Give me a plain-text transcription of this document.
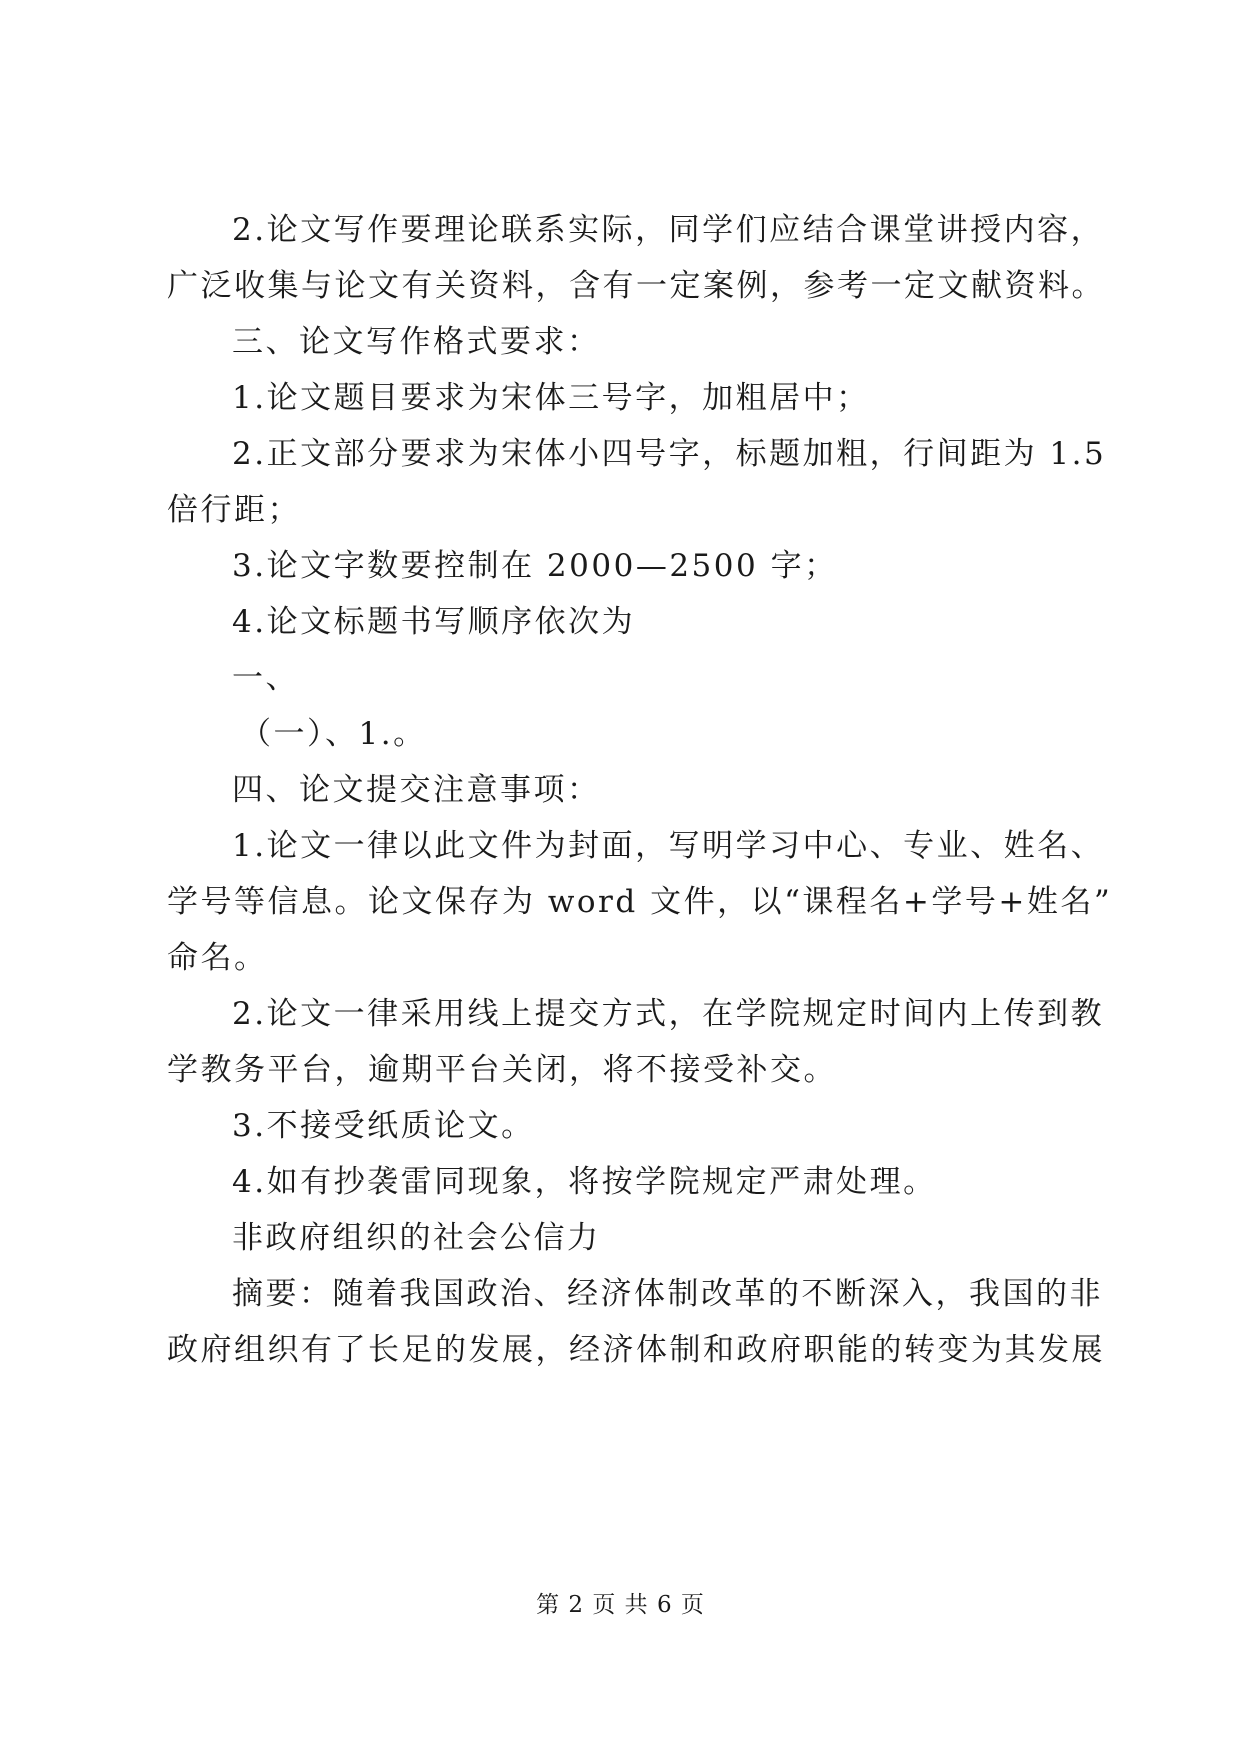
2.论文写作要理论联系实际，同学们应结合课堂讲授内容，
广泛收集与论文有关资料，含有一定案例，参考一定文献资料。
三、论文写作格式要求：
1.论文题目要求为宋体三号字，加粗居中；
2.正文部分要求为宋体小四号字，标题加粗，行间距为 1.5
倍行距；
3.论文字数要控制在 2000—2500 字；
4.论文标题书写顺序依次为
一、
（一）、1.。
四、论文提交注意事项：
1.论文一律以此文件为封面，写明学习中心、专业、姓名、
学号等信息。论文保存为 word 文件，以“课程名+学号+姓名”
命名。
2.论文一律采用线上提交方式，在学院规定时间内上传到教
学教务平台，逾期平台关闭，将不接受补交。
3.不接受纸质论文。
4.如有抄袭雷同现象，将按学院规定严肃处理。
非政府组织的社会公信力
摘要：随着我国政治、经济体制改革的不断深入，我国的非
政府组织有了长足的发展，经济体制和政府职能的转变为其发展
第 2 页 共 6 页
